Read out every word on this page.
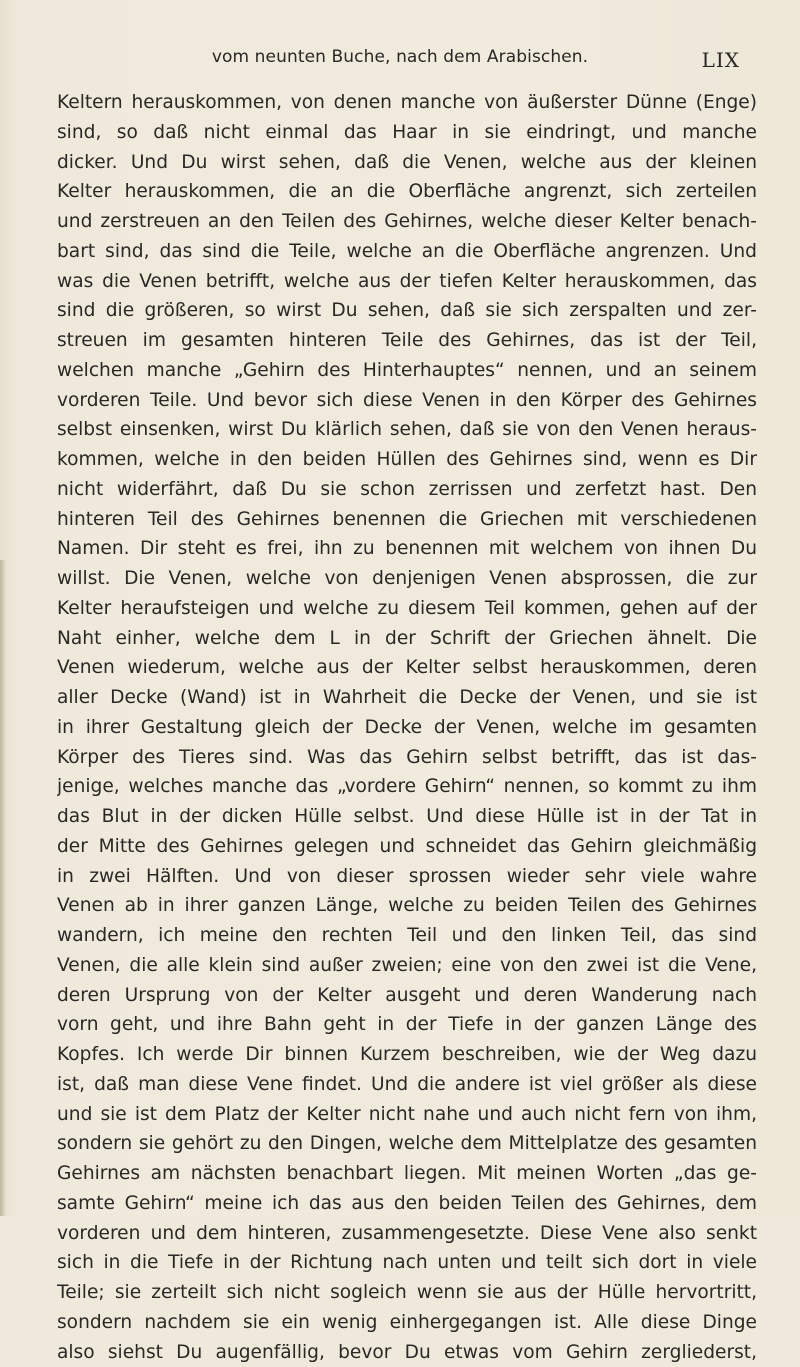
vom neunten Buche, nach dem Arabischen.	LIX
Keltern herauskommen, von denen manche von äußerster Dünne (Enge)
sind, so daß nicht einmal das Haar in sie eindringt, und manche
dicker. Und Du wirst sehen, daß die Venen, welche aus der kleinen
Kelter herauskommen, die an die Oberfläche angrenzt, sich zerteilen
und zerstreuen an den Teilen des Gehirnes, welche dieser Kelter benach-
bart sind, das sind die Teile, welche an die Oberfläche angrenzen. Und
was die Venen betrifft, welche aus der tiefen Kelter herauskommen, das
sind die größeren, so wirst Du sehen, daß sie sich zerspalten und zer-
streuen im gesamten hinteren Teile des Gehirnes, das ist der Teil,
welchen manche „Gehirn des Hinterhauptes“ nennen, und an seinem
vorderen Teile. Und bevor sich diese Venen in den Körper des Gehirnes
selbst einsenken, wirst Du klärlich sehen, daß sie von den Venen heraus-
kommen, welche in den beiden Hüllen des Gehirnes sind, wenn es Dir
nicht widerfährt, daß Du sie schon zerrissen und zerfetzt hast. Den
hinteren Teil des Gehirnes benennen die Griechen mit verschiedenen
Namen. Dir steht es frei, ihn zu benennen mit welchem von ihnen Du
willst. Die Venen, welche von denjenigen Venen absprossen, die zur
Kelter heraufsteigen und welche zu diesem Teil kommen, gehen auf der
Naht einher, welche dem L in der Schrift der Griechen ähnelt. Die
Venen wiederum, welche aus der Kelter selbst herauskommen, deren
aller Decke (Wand) ist in Wahrheit die Decke der Venen, und sie ist
in ihrer Gestaltung gleich der Decke der Venen, welche im gesamten
Körper des Tieres sind. Was das Gehirn selbst betrifft, das ist das-
jenige, welches manche das „vordere Gehirn“ nennen, so kommt zu ihm
das Blut in der dicken Hülle selbst. Und diese Hülle ist in der Tat in
der Mitte des Gehirnes gelegen und schneidet das Gehirn gleichmäßig
in zwei Hälften. Und von dieser sprossen wieder sehr viele wahre
Venen ab in ihrer ganzen Länge, welche zu beiden Teilen des Gehirnes
wandern, ich meine den rechten Teil und den linken Teil, das sind
Venen, die alle klein sind außer zweien; eine von den zwei ist die Vene,
deren Ursprung von der Kelter ausgeht und deren Wanderung nach
vorn geht, und ihre Bahn geht in der Tiefe in der ganzen Länge des
Kopfes. Ich werde Dir binnen Kurzem beschreiben, wie der Weg dazu
ist, daß man diese Vene findet. Und die andere ist viel größer als diese
und sie ist dem Platz der Kelter nicht nahe und auch nicht fern von ihm,
sondern sie gehört zu den Dingen, welche dem Mittelplatze des gesamten
Gehirnes am nächsten benachbart liegen. Mit meinen Worten „das ge-
samte Gehirn“ meine ich das aus den beiden Teilen des Gehirnes, dem
vorderen und dem hinteren, zusammengesetzte. Diese Vene also senkt
sich in die Tiefe in der Richtung nach unten und teilt sich dort in viele
Teile; sie zerteilt sich nicht sogleich wenn sie aus der Hülle hervortritt,
sondern nachdem sie ein wenig einhergegangen ist. Alle diese Dinge
also siehst Du augenfällig, bevor Du etwas vom Gehirn zergliederst,
